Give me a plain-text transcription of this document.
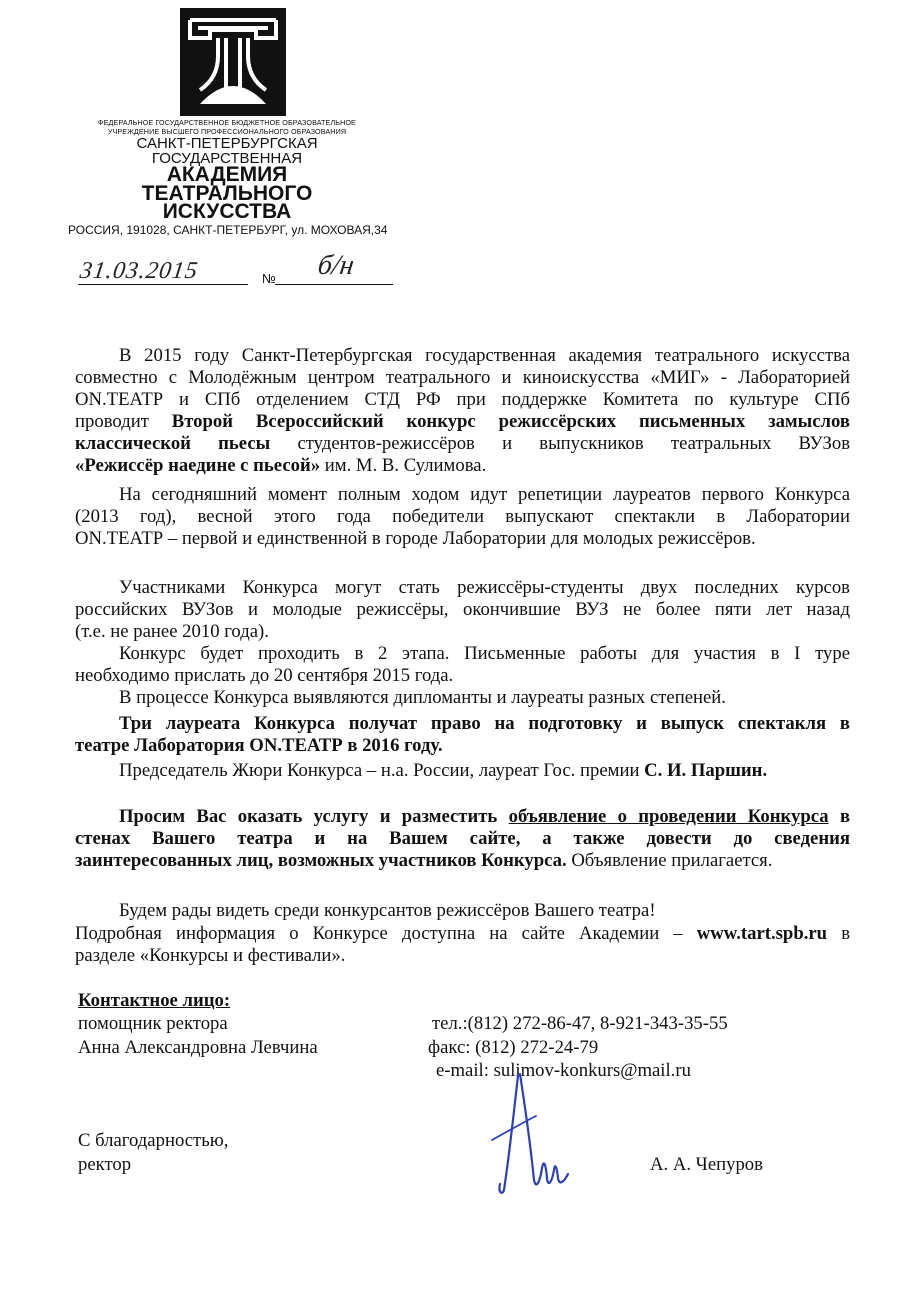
ФЕДЕРАЛЬНОЕ ГОСУДАРСТВЕННОЕ БЮДЖЕТНОЕ ОБРАЗОВАТЕЛЬНОЕ
УЧРЕЖДЕНИЕ ВЫСШЕГО ПРОФЕССИОНАЛЬНОГО ОБРАЗОВАНИЯ
САНКТ-ПЕТЕРБУРГСКАЯ
ГОСУДАРСТВЕННАЯ
АКАДЕМИЯ
ТЕАТРАЛЬНОГО
ИСКУССТВА
РОССИЯ, 191028, САНКТ-ПЕТЕРБУРГ, ул. МОХОВАЯ,34
31.03.2015	№ б/н
В 2015 году Санкт-Петербургская государственная академия театрального искусства
совместно с Молодёжным центром театрального и киноискусства «МИГ» - Лабораторией
ON.ТЕАТР и СПб отделением СТД РФ при поддержке Комитета по культуре СПб
проводит Второй Всероссийский конкурс режиссёрских письменных замыслов
классической пьесы студентов-режиссёров и выпускников театральных ВУЗов
«Режиссёр наедине с пьесой» им. М. В. Сулимова.
На сегодняшний момент полным ходом идут репетиции лауреатов первого Конкурса
(2013 год), весной этого года победители выпускают спектакли в Лаборатории
ON.ТЕАТР – первой и единственной в городе Лаборатории для молодых режиссёров.
Участниками Конкурса могут стать режиссёры-студенты двух последних курсов
российских ВУЗов и молодые режиссёры, окончившие ВУЗ не более пяти лет назад
(т.е. не ранее 2010 года).
Конкурс будет проходить в 2 этапа. Письменные работы для участия в I туре
необходимо прислать до 20 сентября 2015 года.
В процессе Конкурса выявляются дипломанты и лауреаты разных степеней.
Три лауреата Конкурса получат право на подготовку и выпуск спектакля в
театре Лаборатория ON.ТЕАТР в 2016 году.
Председатель Жюри Конкурса – н.а. России, лауреат Гос. премии С. И. Паршин.
Просим Вас оказать услугу и разместить объявление о проведении Конкурса в
стенах Вашего театра и на Вашем сайте, а также довести до сведения
заинтересованных лиц, возможных участников Конкурса. Объявление прилагается.
Будем рады видеть среди конкурсантов режиссёров Вашего театра!
Подробная информация о Конкурсе доступна на сайте Академии – www.tart.spb.ru в
разделе «Конкурсы и фестивали».
Контактное лицо:
помощник ректора
Анна Александровна Левчина
тел.:(812) 272-86-47, 8-921-343-35-55
факс: (812) 272-24-79
e-mail: sulimov-konkurs@mail.ru
С благодарностью,
ректор	А. А. Чепуров
